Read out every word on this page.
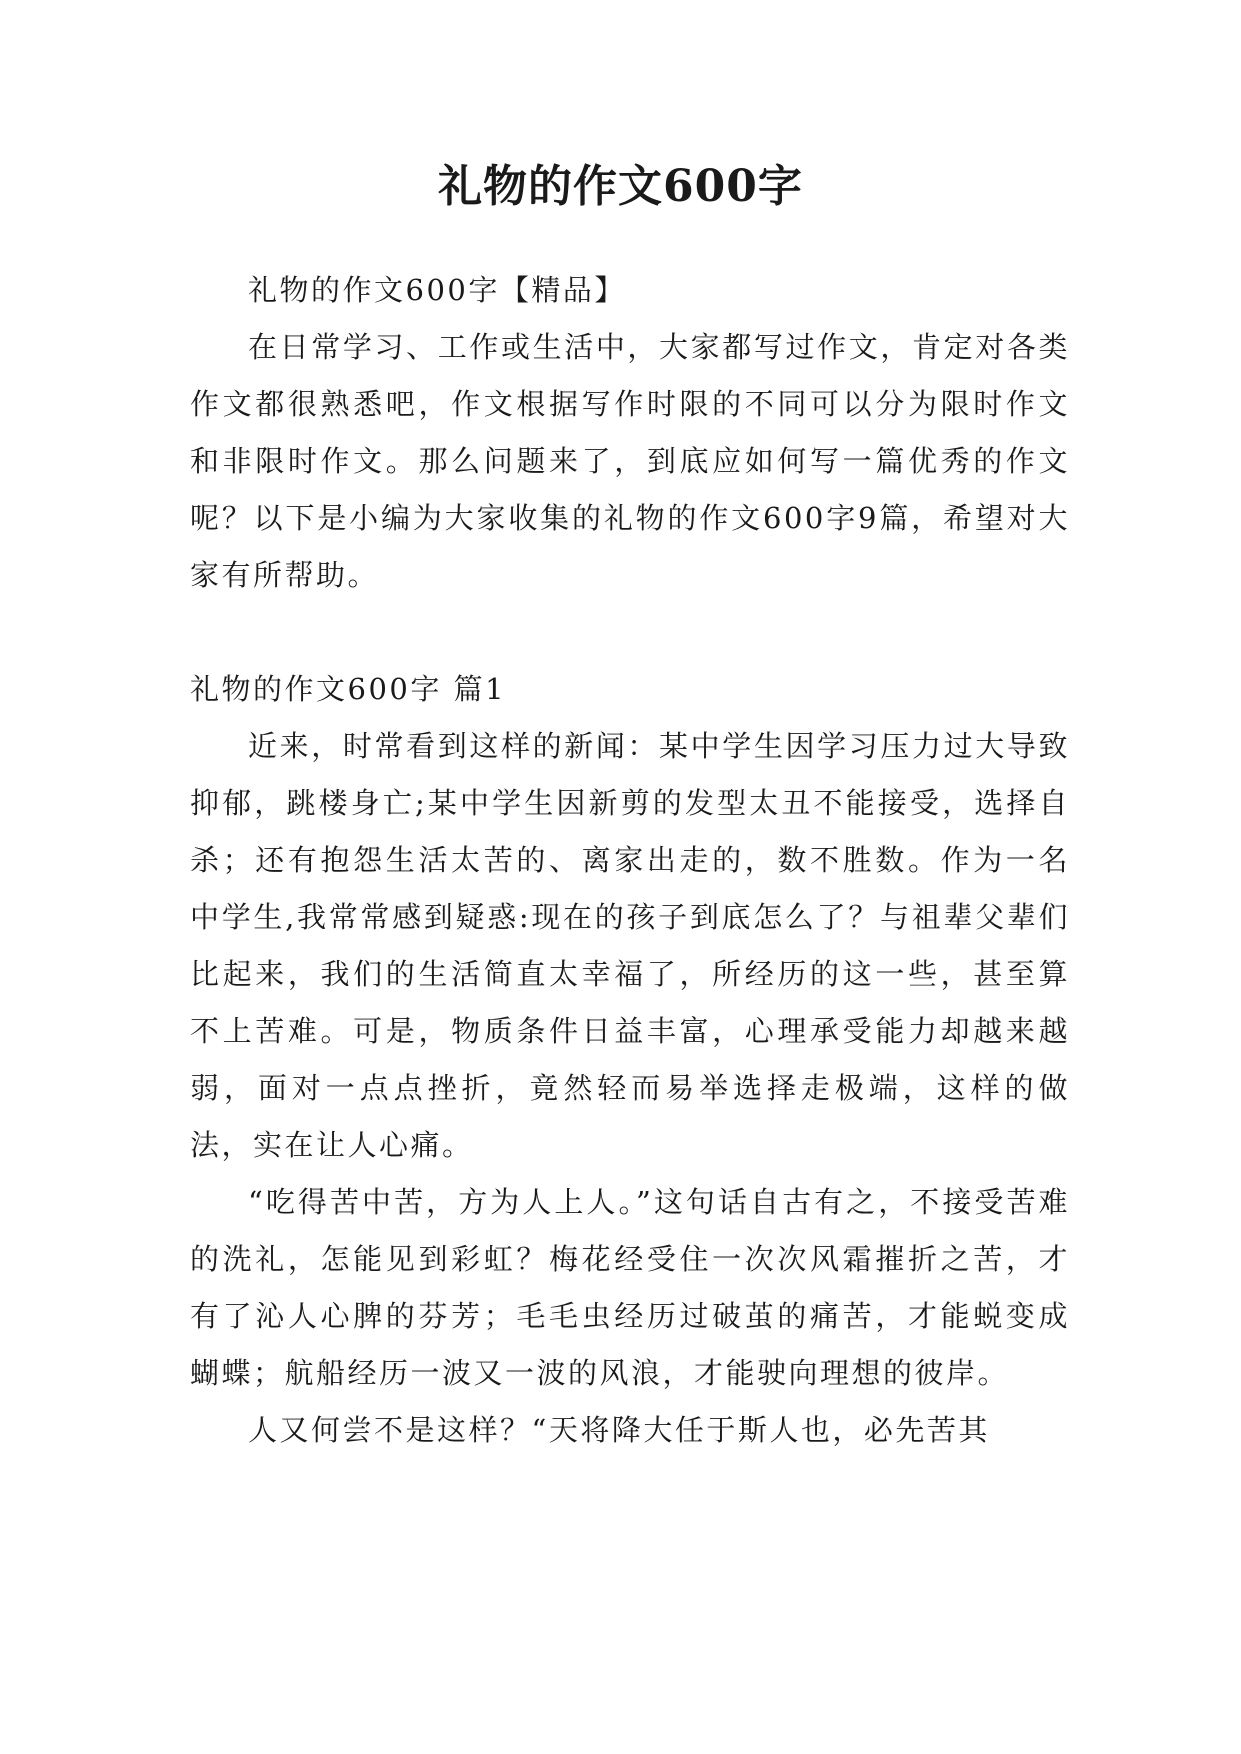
礼物的作文600字

礼物的作文600字【精品】

在日常学习、工作或生活中，大家都写过作文，肯定对各类作文都很熟悉吧，作文根据写作时限的不同可以分为限时作文和非限时作文。那么问题来了，到底应如何写一篇优秀的作文呢？以下是小编为大家收集的礼物的作文600字9篇，希望对大家有所帮助。

礼物的作文600字 篇1

近来，时常看到这样的新闻：某中学生因学习压力过大导致抑郁，跳楼身亡;某中学生因新剪的发型太丑不能接受，选择自杀；还有抱怨生活太苦的、离家出走的，数不胜数。作为一名中学生,我常常感到疑惑:现在的孩子到底怎么了？与祖辈父辈们比起来，我们的生活简直太幸福了，所经历的这一些，甚至算不上苦难。可是，物质条件日益丰富，心理承受能力却越来越弱，面对一点点挫折，竟然轻而易举选择走极端，这样的做法，实在让人心痛。

“吃得苦中苦，方为人上人。”这句话自古有之，不接受苦难的洗礼，怎能见到彩虹？梅花经受住一次次风霜摧折之苦，才有了沁人心脾的芬芳；毛毛虫经历过破茧的痛苦，才能蜕变成蝴蝶；航船经历一波又一波的风浪，才能驶向理想的彼岸。

人又何尝不是这样？“天将降大任于斯人也，必先苦其
